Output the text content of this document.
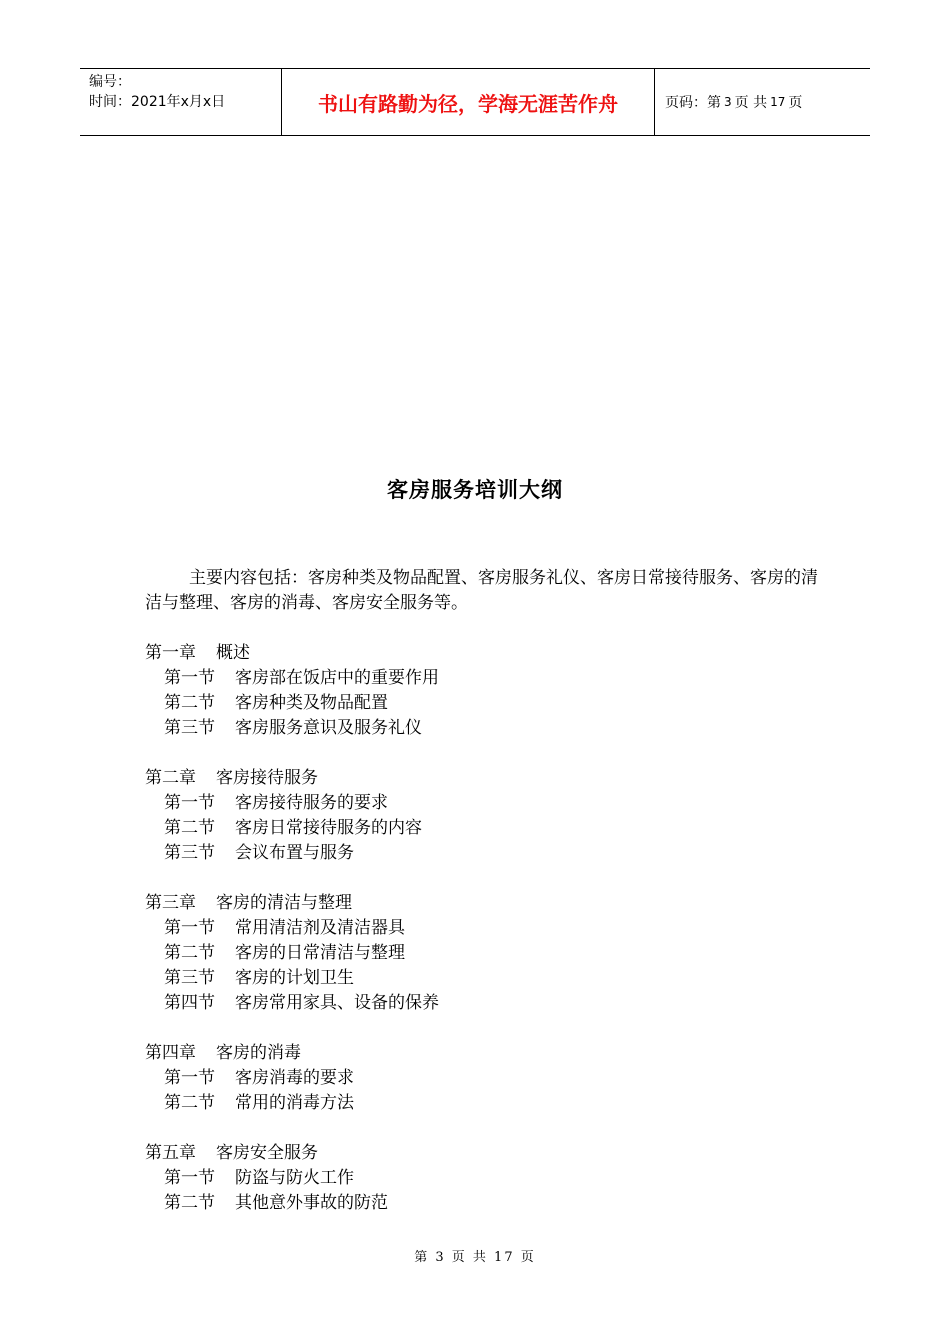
编号：
时间：2021年x月x日	书山有路勤为径，学海无涯苦作舟	页码：第 3 页 共 17 页
客房服务培训大纲

主要内容包括：客房种类及物品配置、客房服务礼仪、客房日常接待服务、客房的清洁与整理、客房的消毒、客房安全服务等。

第一章 概述
第一节 客房部在饭店中的重要作用
第二节 客房种类及物品配置
第三节 客房服务意识及服务礼仪
第二章 客房接待服务
第一节 客房接待服务的要求
第二节 客房日常接待服务的内容
第三节 会议布置与服务
第三章 客房的清洁与整理
第一节 常用清洁剂及清洁器具
第二节 客房的日常清洁与整理
第三节 客房的计划卫生
第四节 客房常用家具、设备的保养
第四章 客房的消毒
第一节 客房消毒的要求
第二节 常用的消毒方法
第五章 客房安全服务
第一节 防盗与防火工作
第二节 其他意外事故的防范
第 3 页 共 17 页
